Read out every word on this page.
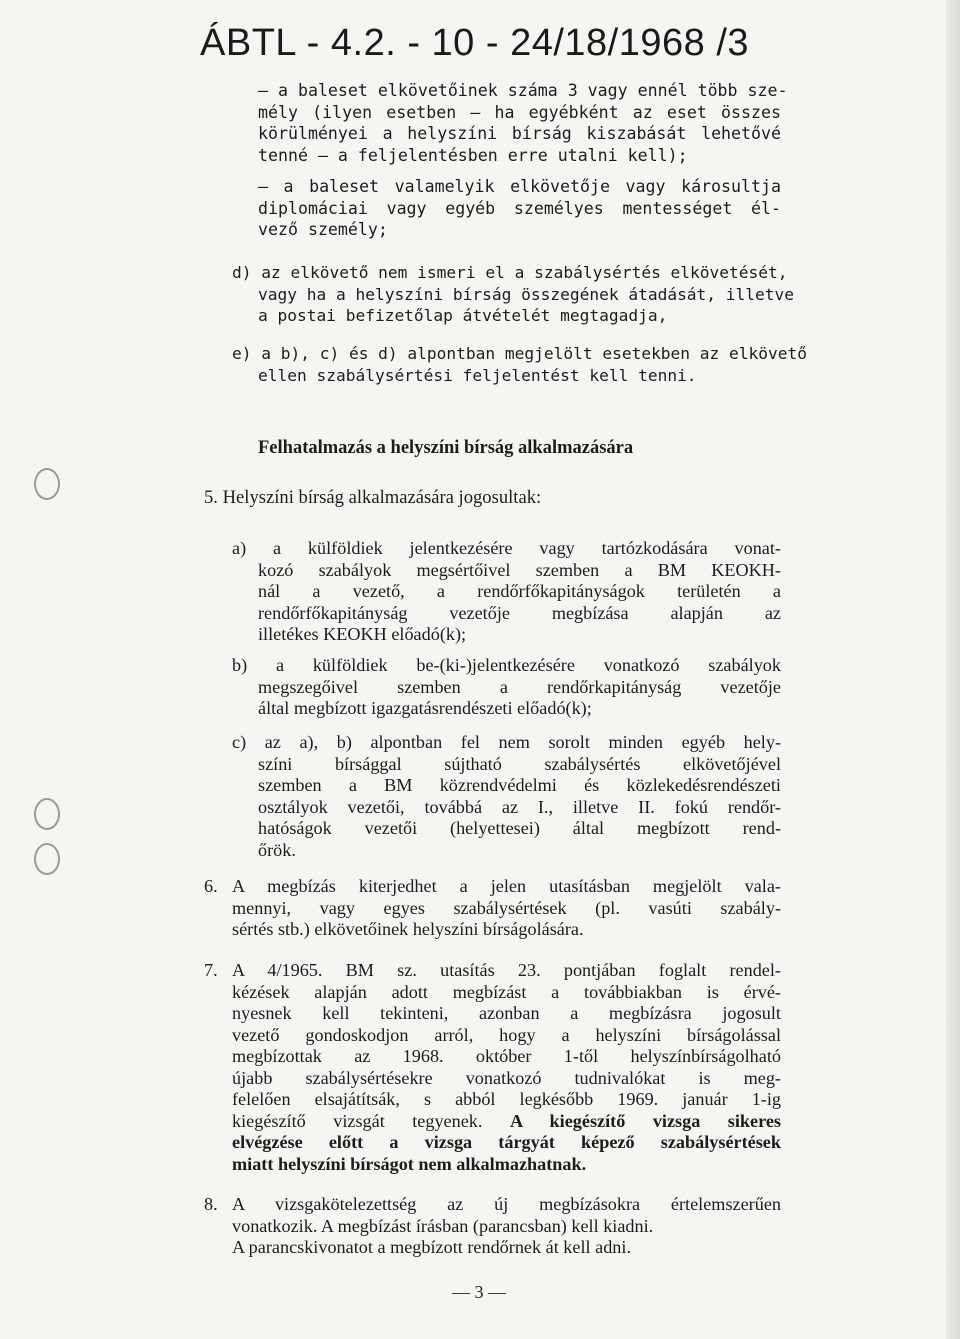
ÁBTL - 4.2. - 10 - 24/18/1968 /3
— a baleset elkövetőinek száma 3 vagy ennél több sze-
mély (ilyen esetben — ha egyébként az eset összes
körülményei a helyszíni bírság kiszabását lehetővé
tenné — a feljelentésben erre utalni kell);
— a baleset valamelyik elkövetője vagy károsultja
diplomáciai vagy egyéb személyes mentességet él-
vező személy;
d) az elkövető nem ismeri el a szabálysértés elkövetését,
vagy ha a helyszíni bírság összegének átadását, illetve
a postai befizetőlap átvételét megtagadja,
e) a b), c) és d) alpontban megjelölt esetekben az elkövető
ellen szabálysértési feljelentést kell tenni.
Felhatalmazás a helyszíni bírság alkalmazására
5. Helyszíni bírság alkalmazására jogosultak:
a) a külföldiek jelentkezésére vagy tartózkodására vonat-
kozó szabályok megsértőivel szemben a BM KEOKH-
nál a vezető, a rendőrfőkapitányságok területén a
rendőrfőkapitányság vezetője megbízása alapján az
illetékes KEOKH előadó(k);
b) a külföldiek be-(ki-)jelentkezésére vonatkozó szabályok
megszegőivel szemben a rendőrkapitányság vezetője
által megbízott igazgatásrendészeti előadó(k);
c) az a), b) alpontban fel nem sorolt minden egyéb hely-
színi bírsággal sújtható szabálysértés elkövetőjével
szemben a BM közrendvédelmi és közlekedésrendészeti
osztályok vezetői, továbbá az I., illetve II. fokú rendőr-
hatóságok vezetői (helyettesei) által megbízott rend-
őrök.
6. A megbízás kiterjedhet a jelen utasításban megjelölt vala-
mennyi, vagy egyes szabálysértések (pl. vasúti szabály-
sértés stb.) elkövetőinek helyszíni bírságolására.
7. A 4/1965. BM sz. utasítás 23. pontjában foglalt rendel-
kézések alapján adott megbízást a továbbiakban is érvé-
nyesnek kell tekinteni, azonban a megbízásra jogosult
vezető gondoskodjon arról, hogy a helyszíni bírságolással
megbízottak az 1968. október 1-től helyszínbírságolható
újabb szabálysértésekre vonatkozó tudnivalókat is meg-
felelően elsajátítsák, s abból legkésőbb 1969. január 1-ig
kiegészítő vizsgát tegyenek. A kiegészítő vizsga sikeres
elvégzése előtt a vizsga tárgyát képező szabálysértések
miatt helyszíni bírságot nem alkalmazhatnak.
8. A vizsgakötelezettség az új megbízásokra értelemszerűen
vonatkozik. A megbízást írásban (parancsban) kell kiadni.
A parancskivonatot a megbízott rendőrnek át kell adni.
— 3 —
